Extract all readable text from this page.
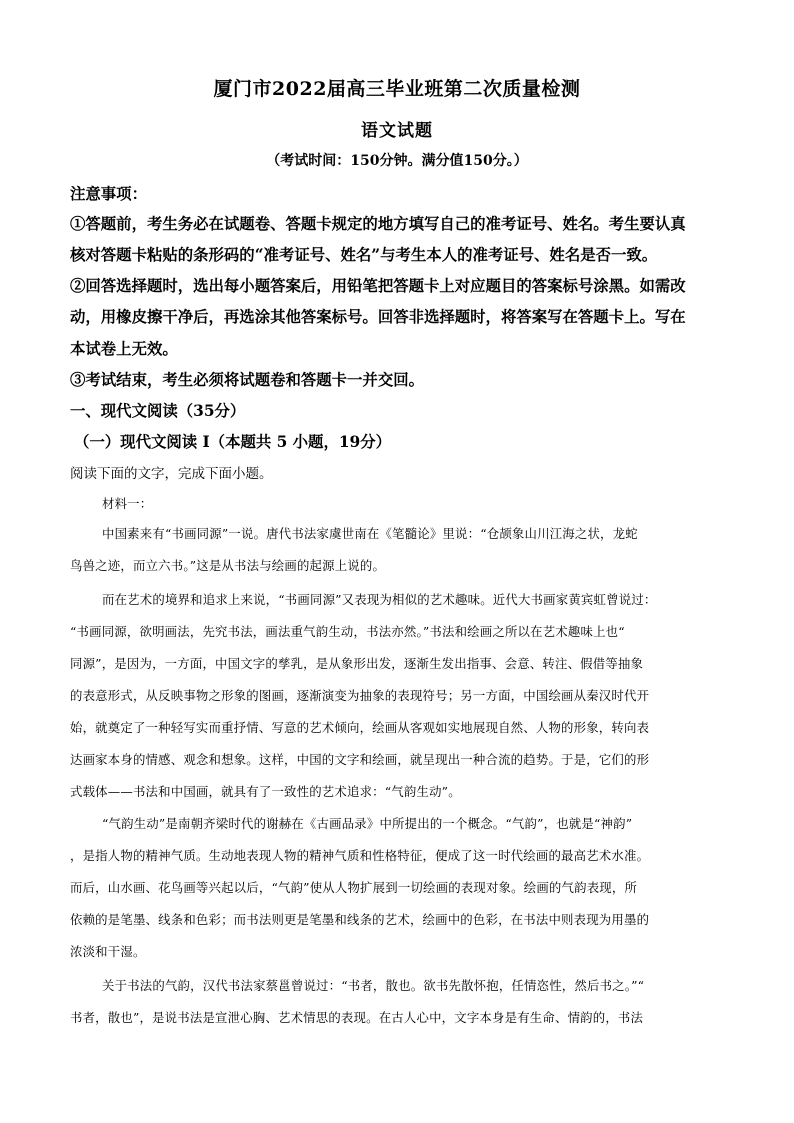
厦门市2022届高三毕业班第二次质量检测
语文试题
（考试时间：150分钟。满分值150分。）
注意事项：
①答题前，考生务必在试题卷、答题卡规定的地方填写自己的准考证号、姓名。考生要认真
核对答题卡粘贴的条形码的“准考证号、姓名”与考生本人的准考证号、姓名是否一致。
②回答选择题时，选出每小题答案后，用铅笔把答题卡上对应题目的答案标号涂黑。如需改
动，用橡皮擦干净后，再选涂其他答案标号。回答非选择题时，将答案写在答题卡上。写在
本试卷上无效。
③考试结束，考生必须将试题卷和答题卡一并交回。
一、现代文阅读（35分）
（一）现代文阅读 I（本题共 5 小题，19分）
阅读下面的文字，完成下面小题。
材料一：
中国素来有“书画同源”一说。唐代书法家虞世南在《笔髓论》里说：“仓颉象山川江海之状，龙蛇
鸟兽之迹，而立六书。”这是从书法与绘画的起源上说的。
而在艺术的境界和追求上来说，“书画同源”又表现为相似的艺术趣味。近代大书画家黄宾虹曾说过：
“书画同源，欲明画法，先究书法，画法重气韵生动，书法亦然。”书法和绘画之所以在艺术趣味上也“
同源”，是因为，一方面，中国文字的孳乳，是从象形出发，逐渐生发出指事、会意、转注、假借等抽象
的表意形式，从反映事物之形象的图画，逐渐演变为抽象的表现符号；另一方面，中国绘画从秦汉时代开
始，就奠定了一种轻写实而重抒情、写意的艺术倾向，绘画从客观如实地展现自然、人物的形象，转向表
达画家本身的情感、观念和想象。这样，中国的文字和绘画，就呈现出一种合流的趋势。于是，它们的形
式载体——书法和中国画，就具有了一致性的艺术追求：“气韵生动”。
“气韵生动”是南朝齐梁时代的谢赫在《古画品录》中所提出的一个概念。“气韵”，也就是“神韵”
，是指人物的精神气质。生动地表现人物的精神气质和性格特征，便成了这一时代绘画的最高艺术水准。
而后，山水画、花鸟画等兴起以后，“气韵”使从人物扩展到一切绘画的表现对象。绘画的气韵表现，所
依赖的是笔墨、线条和色彩；而书法则更是笔墨和线条的艺术，绘画中的色彩，在书法中则表现为用墨的
浓淡和干湿。
关于书法的气韵，汉代书法家蔡邕曾说过：“书者，散也。欲书先散怀抱，任情恣性，然后书之。”“
书者，散也”，是说书法是宣泄心胸、艺术情思的表现。在古人心中，文字本身是有生命、情韵的，书法
